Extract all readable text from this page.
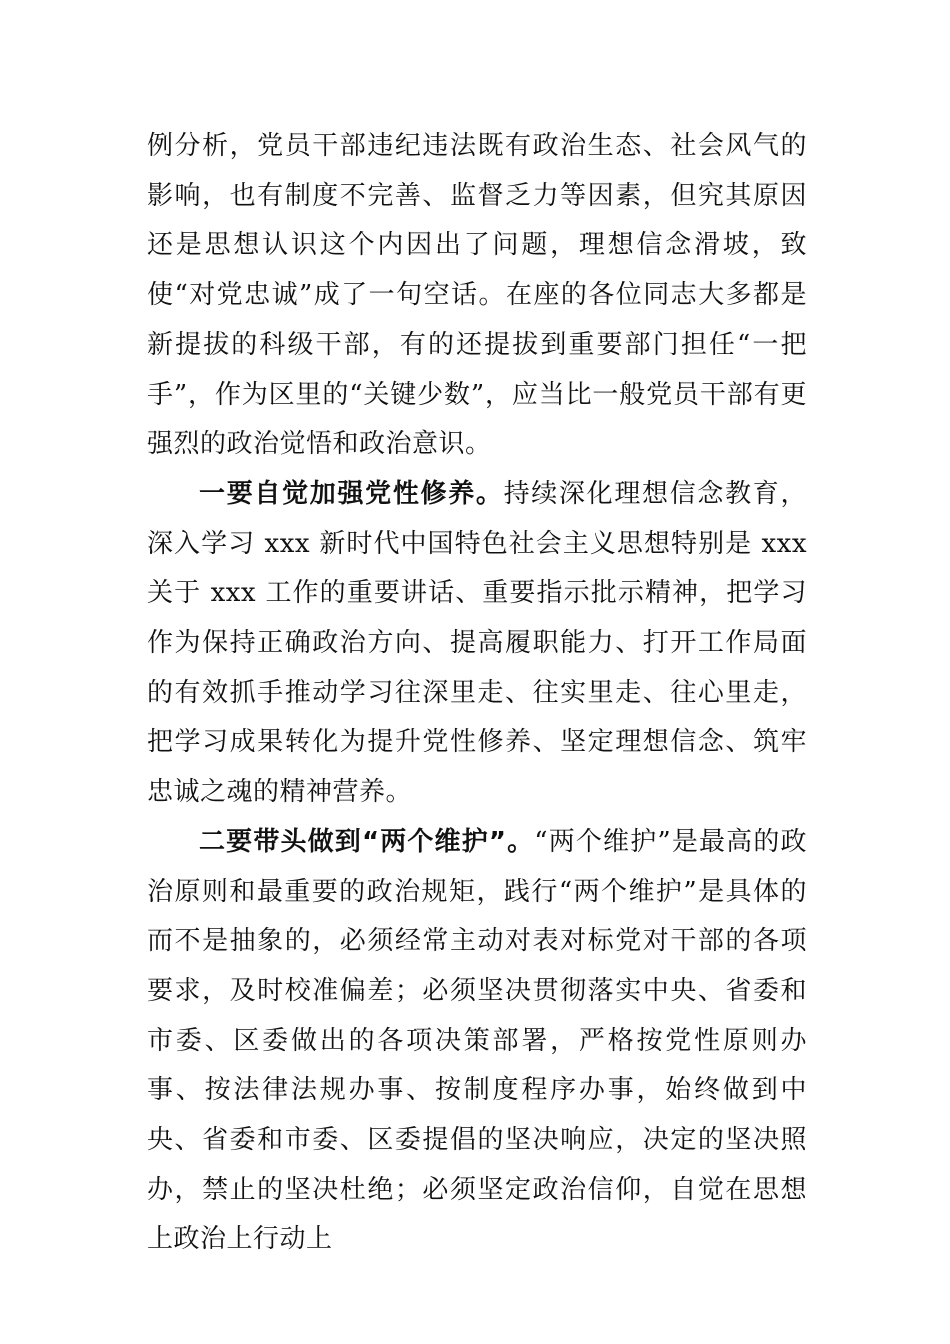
例分析，党员干部违纪违法既有政治生态、社会风气的影响，也有制度不完善、监督乏力等因素，但究其原因还是思想认识这个内因出了问题，理想信念滑坡，致使“对党忠诚”成了一句空话。在座的各位同志大多都是新提拔的科级干部，有的还提拔到重要部门担任“一把手”，作为区里的“关键少数”，应当比一般党员干部有更强烈的政治觉悟和政治意识。

一要自觉加强党性修养。持续深化理想信念教育，深入学习 xxx 新时代中国特色社会主义思想特别是 xxx 关于 xxx 工作的重要讲话、重要指示批示精神，把学习作为保持正确政治方向、提高履职能力、打开工作局面的有效抓手推动学习往深里走、往实里走、往心里走，把学习成果转化为提升党性修养、坚定理想信念、筑牢忠诚之魂的精神营养。

二要带头做到“两个维护”。“两个维护”是最高的政治原则和最重要的政治规矩，践行“两个维护”是具体的而不是抽象的，必须经常主动对表对标党对干部的各项要求，及时校准偏差；必须坚决贯彻落实中央、省委和市委、区委做出的各项决策部署，严格按党性原则办事、按法律法规办事、按制度程序办事，始终做到中央、省委和市委、区委提倡的坚决响应，决定的坚决照办，禁止的坚决杜绝；必须坚定政治信仰，自觉在思想上政治上行动上
